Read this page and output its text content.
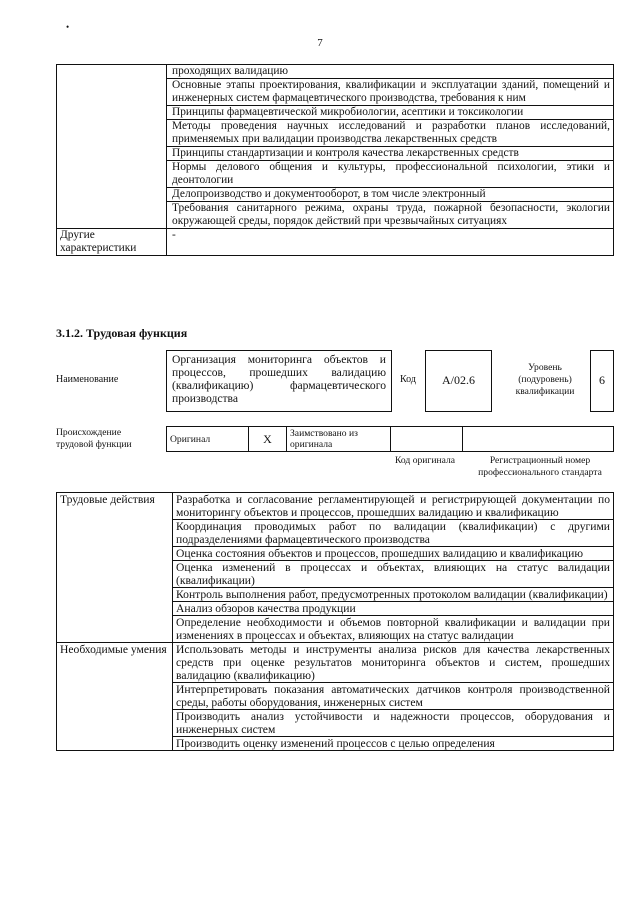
•
7
	проходящих валидацию
	Основные этапы проектирования, квалификации и эксплуатации зданий, помещений и инженерных систем фармацевтического производства, требования к ним
	Принципы фармацевтической микробиологии, асептики и токсикологии
	Методы проведения научных исследований и разработки планов исследований, применяемых при валидации производства лекарственных средств
	Принципы стандартизации и контроля качества лекарственных средств
	Нормы делового общения и культуры, профессиональной психологии, этики и деонтологии
	Делопроизводство и документооборот, в том числе электронный
	Требования санитарного режима, охраны труда, пожарной безопасности, экологии окружающей среды, порядок действий при чрезвычайных ситуациях
Другие характеристики	-
3.1.2. Трудовая функция
Наименование
Организация мониторинга объектов и процессов, прошедших валидацию (квалификацию) фармацевтического производства
Код	А/02.6
Уровень (подуровень) квалификации
6
Происхождение трудовой функции	Оригинал	Х	Заимствовано из оригинала		
Код оригинала	Регистрационный номер профессионального стандарта
Трудовые действия	Разработка и согласование регламентирующей и регистрирующей документации по мониторингу объектов и процессов, прошедших валидацию и квалификацию
	Координация проводимых работ по валидации (квалификации) с другими подразделениями фармацевтического производства
	Оценка состояния объектов и процессов, прошедших валидацию и квалификацию
	Оценка изменений в процессах и объектах, влияющих на статус валидации (квалификации)
	Контроль выполнения работ, предусмотренных протоколом валидации (квалификации)
	Анализ обзоров качества продукции
	Определение необходимости и объемов повторной квалификации и валидации при изменениях в процессах и объектах, влияющих на статус валидации
Необходимые умения	Использовать методы и инструменты анализа рисков для качества лекарственных средств при оценке результатов мониторинга объектов и систем, прошедших валидацию (квалификацию)
	Интерпретировать показания автоматических датчиков контроля производственной среды, работы оборудования, инженерных систем
	Производить анализ устойчивости и надежности процессов, оборудования и инженерных систем
	Производить оценку изменений процессов с целью определения
